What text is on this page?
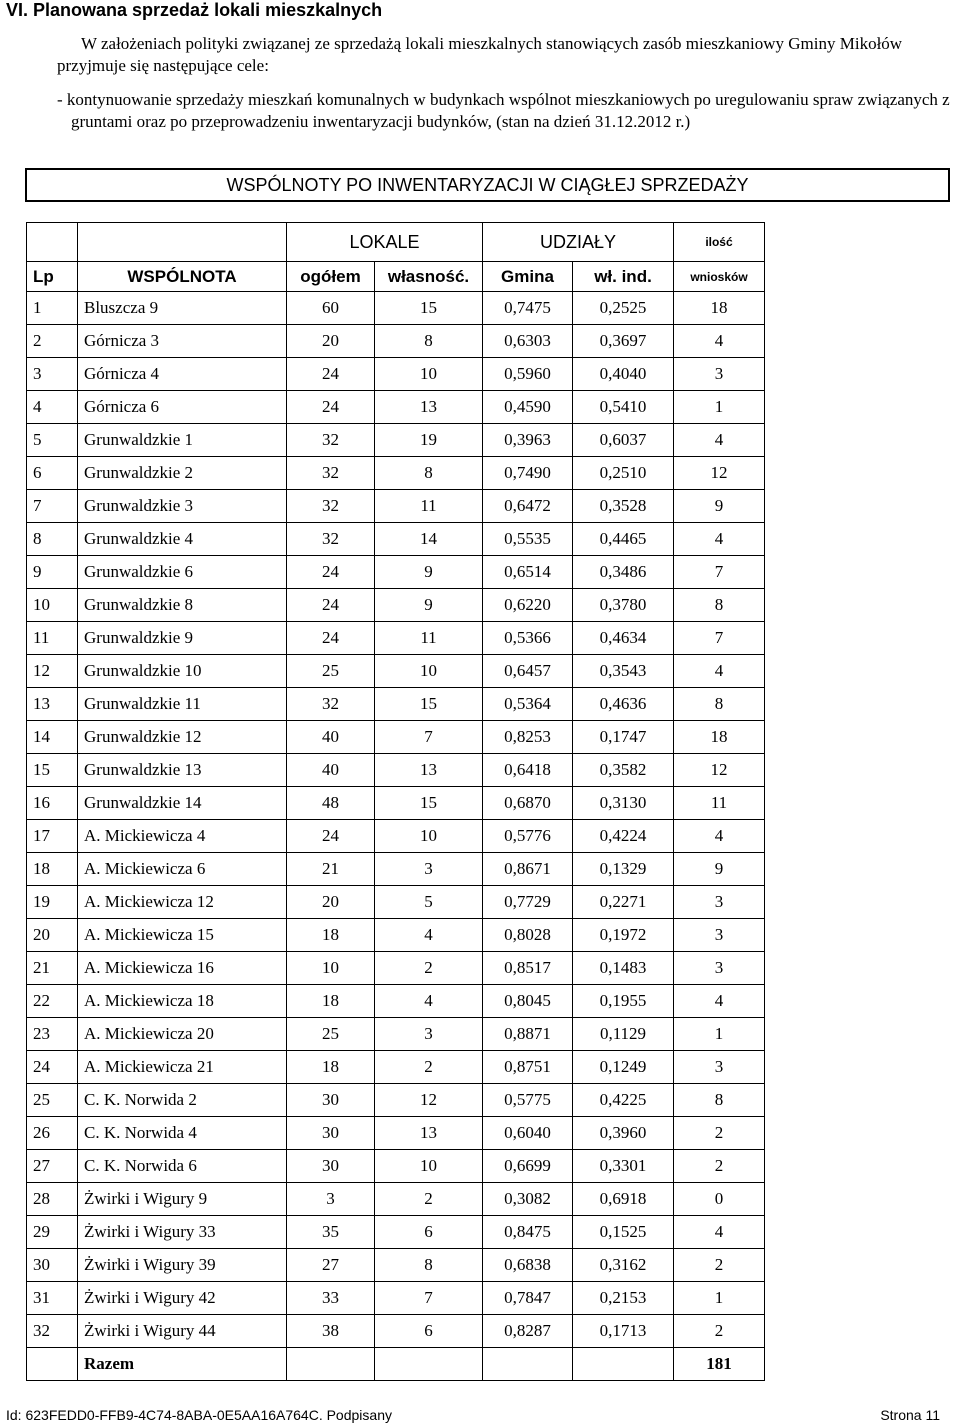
VI. Planowana sprzedaż lokali mieszkalnych

W założeniach polityki związanej ze sprzedażą lokali mieszkalnych stanowiących zasób mieszkaniowy Gminy Mikołów przyjmuje się następujące cele:

- kontynuowanie sprzedaży mieszkań komunalnych w budynkach wspólnot mieszkaniowych po uregulowaniu spraw związanych z gruntami oraz po przeprowadzeniu inwentaryzacji budynków, (stan na dzień 31.12.2012 r.)

WSPÓLNOTY PO INWENTARYZACJI W CIĄGŁEJ SPRZEDAŻY
		LOKALE		UDZIAŁY		ilość
Lp	WSPÓLNOTA	ogółem	własność.	Gmina	wł. ind.	wniosków
1	Bluszcza 9	60	15	0,7475	0,2525	18
2	Górnicza 3	20	8	0,6303	0,3697	4
3	Górnicza 4	24	10	0,5960	0,4040	3
4	Górnicza 6	24	13	0,4590	0,5410	1
5	Grunwaldzkie 1	32	19	0,3963	0,6037	4
6	Grunwaldzkie 2	32	8	0,7490	0,2510	12
7	Grunwaldzkie 3	32	11	0,6472	0,3528	9
8	Grunwaldzkie 4	32	14	0,5535	0,4465	4
9	Grunwaldzkie 6	24	9	0,6514	0,3486	7
10	Grunwaldzkie 8	24	9	0,6220	0,3780	8
11	Grunwaldzkie 9	24	11	0,5366	0,4634	7
12	Grunwaldzkie 10	25	10	0,6457	0,3543	4
13	Grunwaldzkie 11	32	15	0,5364	0,4636	8
14	Grunwaldzkie 12	40	7	0,8253	0,1747	18
15	Grunwaldzkie 13	40	13	0,6418	0,3582	12
16	Grunwaldzkie 14	48	15	0,6870	0,3130	11
17	A. Mickiewicza 4	24	10	0,5776	0,4224	4
18	A. Mickiewicza 6	21	3	0,8671	0,1329	9
19	A. Mickiewicza 12	20	5	0,7729	0,2271	3
20	A. Mickiewicza 15	18	4	0,8028	0,1972	3
21	A. Mickiewicza 16	10	2	0,8517	0,1483	3
22	A. Mickiewicza 18	18	4	0,8045	0,1955	4
23	A. Mickiewicza 20	25	3	0,8871	0,1129	1
24	A. Mickiewicza 21	18	2	0,8751	0,1249	3
25	C. K. Norwida 2	30	12	0,5775	0,4225	8
26	C. K. Norwida 4	30	13	0,6040	0,3960	2
27	C. K. Norwida 6	30	10	0,6699	0,3301	2
28	Żwirki i Wigury 9	3	2	0,3082	0,6918	0
29	Żwirki i Wigury 33	35	6	0,8475	0,1525	4
30	Żwirki i Wigury 39	27	8	0,6838	0,3162	2
31	Żwirki i Wigury 42	33	7	0,7847	0,2153	1
32	Żwirki i Wigury 44	38	6	0,8287	0,1713	2
	Razem					181
Id: 623FEDD0-FFB9-4C74-8ABA-0E5AA16A764C. Podpisany	Strona 11
